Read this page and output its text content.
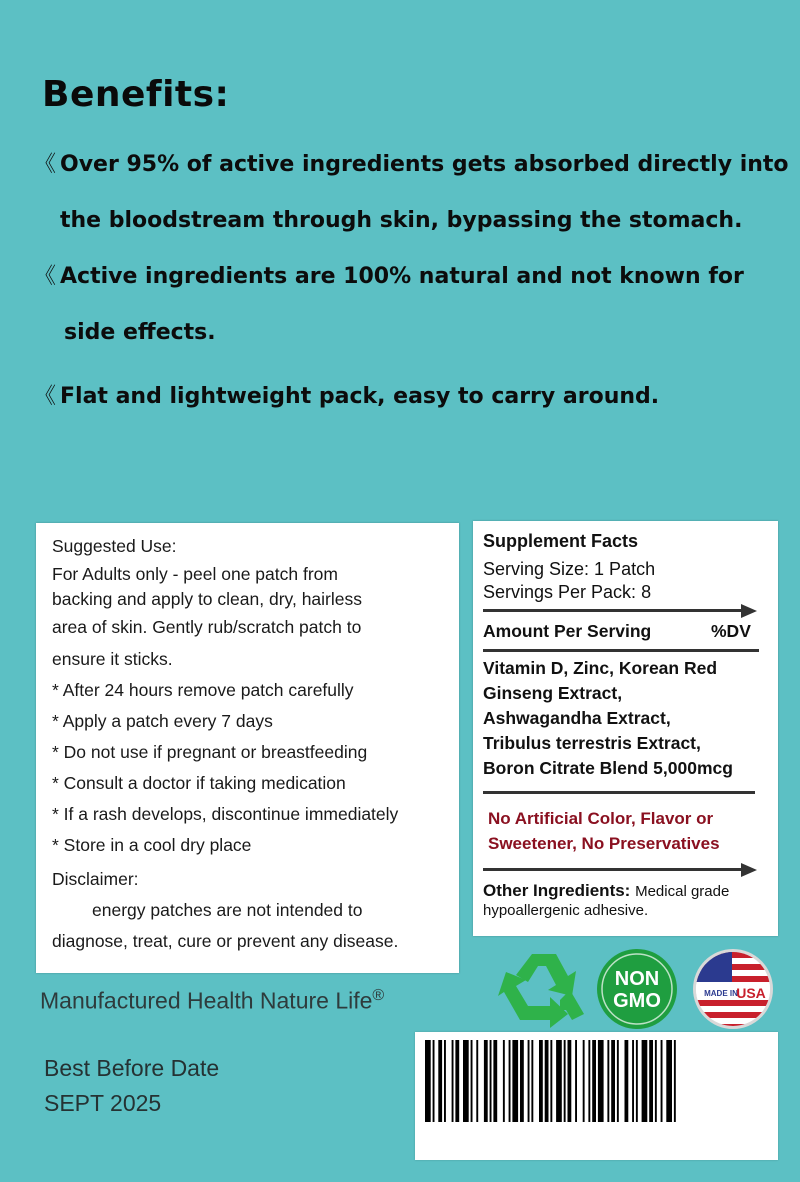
Benefits:
《 Over 95% of active ingredients gets absorbed directly into
the bloodstream through skin, bypassing the stomach.
《 Active ingredients are 100% natural and not known for
side effects.
《 Flat and lightweight pack, easy to carry around.
Suggested Use:
For Adults only - peel one patch from
backing and apply to clean, dry, hairless
area of skin. Gently rub/scratch patch to
ensure it sticks.
* After 24 hours remove patch carefully
* Apply a patch every 7 days
* Do not use if pregnant or breastfeeding
* Consult a doctor if taking medication
* If a rash develops, discontinue immediately
* Store in a cool dry place
Disclaimer:
energy patches are not intended to
diagnose, treat, cure or prevent any disease.
Supplement Facts
Serving Size: 1 Patch
Servings Per Pack: 8
Amount Per Serving	%DV
Vitamin D, Zinc, Korean Red
Ginseng Extract,
Ashwagandha Extract,
Tribulus terrestris Extract,
Boron Citrate Blend 5,000mcg
No Artificial Color, Flavor or
Sweetener, No Preservatives
Other Ingredients: Medical grade
hypoallergenic adhesive.
NON
GMO	MADE IN
USA
Manufactured Health Nature Life®
Best Before Date
SEPT 2025
